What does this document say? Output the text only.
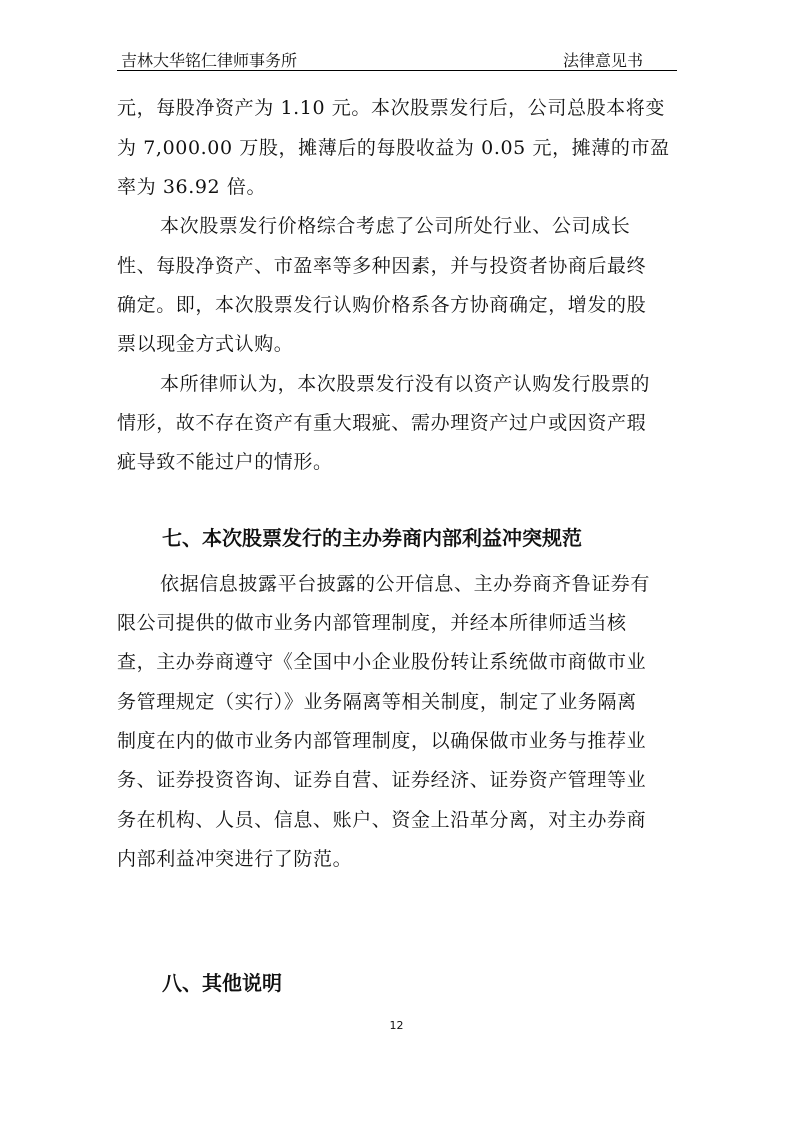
吉林大华铭仁律师事务所	法律意见书
元，每股净资产为 1.10 元。本次股票发行后，公司总股本将变
为 7,000.00 万股，摊薄后的每股收益为 0.05 元，摊薄的市盈
率为 36.92 倍。
本次股票发行价格综合考虑了公司所处行业、公司成长
性、每股净资产、市盈率等多种因素，并与投资者协商后最终
确定。即，本次股票发行认购价格系各方协商确定，增发的股
票以现金方式认购。
本所律师认为，本次股票发行没有以资产认购发行股票的
情形，故不存在资产有重大瑕疵、需办理资产过户或因资产瑕
疵导致不能过户的情形。
七、本次股票发行的主办券商内部利益冲突规范
依据信息披露平台披露的公开信息、主办券商齐鲁证券有
限公司提供的做市业务内部管理制度，并经本所律师适当核
查，主办券商遵守《全国中小企业股份转让系统做市商做市业
务管理规定（实行）》业务隔离等相关制度，制定了业务隔离
制度在内的做市业务内部管理制度，以确保做市业务与推荐业
务、证券投资咨询、证券自营、证券经济、证券资产管理等业
务在机构、人员、信息、账户、资金上沿革分离，对主办券商
内部利益冲突进行了防范。
八、其他说明
12
